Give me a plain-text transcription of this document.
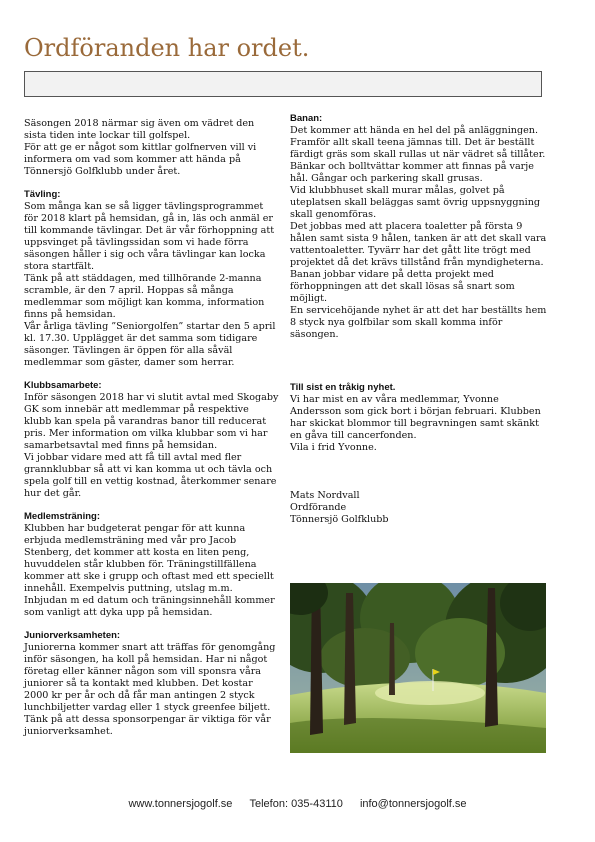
Ordföranden har ordet.

Säsongen 2018 närmar sig även om vädret den sista tiden inte lockar till golfspel.

För att ge er något som kittlar golfnerven vill vi informera om vad som kommer att hända på Tönnersjö Golfklubb under året.

Tävling:

Som många kan se så ligger tävlingsprogrammet för 2018 klart på hemsidan, gå in, läs och anmäl er till kommande tävlingar. Det är vår förhoppning att uppsvinget på tävlingssidan som vi hade förra säsongen håller i sig och våra tävlingar kan locka stora startfält.

Tänk på att städdagen, med tillhörande 2-manna scramble, är den 7 april. Hoppas så många medlemmar som möjligt kan komma, information finns på hemsidan.

Vår årliga tävling ”Seniorgolfen” startar den 5 april kl. 17.30. Upplägget är det samma som tidigare säsonger. Tävlingen är öppen för alla såväl medlemmar som gäster, damer som herrar.

Klubbsamarbete:

Inför säsongen 2018 har vi slutit avtal med Skogaby GK som innebär att medlemmar på respektive klubb kan spela på varandras banor till reducerat pris. Mer information om vilka klubbar som vi har samarbetsavtal med finns på hemsidan.

Vi jobbar vidare med att få till avtal med fler grannklubbar så att vi kan komma ut och tävla och spela golf till en vettig kostnad, återkommer senare hur det går.

Medlemsträning:

Klubben har budgeterat pengar för att kunna erbjuda medlemsträning med vår pro Jacob Stenberg, det kommer att kosta en liten peng, huvuddelen står klubben för. Träningstillfällena kommer att ske i grupp och oftast med ett speciellt innehåll. Exempelvis puttning, utslag m.m. Inbjudan m ed datum och träningsinnehåll kommer som vanligt att dyka upp på hemsidan.

Juniorverksamheten:

Juniorerna kommer snart att träffas för genomgång inför säsongen, ha koll på hemsidan. Har ni något företag eller känner någon som vill sponsra våra juniorer så ta kontakt med klubben. Det kostar 2000 kr per år och då får man antingen 2 styck lunchbiljetter vardag eller 1 styck greenfee biljett. Tänk på att dessa sponsorpengar är viktiga för vår juniorverksamhet.

Banan:

Det kommer att hända en hel del på anläggningen. Framför allt skall teena jämnas till. Det är beställt färdigt gräs som skall rullas ut när vädret så tillåter. Bänkar och bolltvättar kommer att finnas på varje hål. Gångar och parkering skall grusas.

Vid klubbhuset skall murar målas, golvet på uteplatsen skall beläggas samt övrig uppsnyggning skall genomföras.

Det jobbas med att placera toaletter på första 9 hålen samt sista 9 hålen, tanken är att det skall vara vattentoaletter. Tyvärr har det gått lite trögt med projektet då det krävs tillstånd från myndigheterna. Banan jobbar vidare på detta projekt med förhoppningen att det skall lösas så snart som möjligt.

En servicehöjande nyhet är att det har beställts hem 8 styck nya golfbilar som skall komma inför säsongen.

Till sist en tråkig nyhet.

Vi har mist en av våra medlemmar, Yvonne Andersson som gick bort i början februari. Klubben har skickat blommor till begravningen samt skänkt en gåva till cancerfonden.

Vila i frid Yvonne.

Mats Nordvall

Ordförande

Tönnersjö Golfklubb

www.tonnersjogolf.se Telefon: 035-43110 info@tonnersjogolf.se
